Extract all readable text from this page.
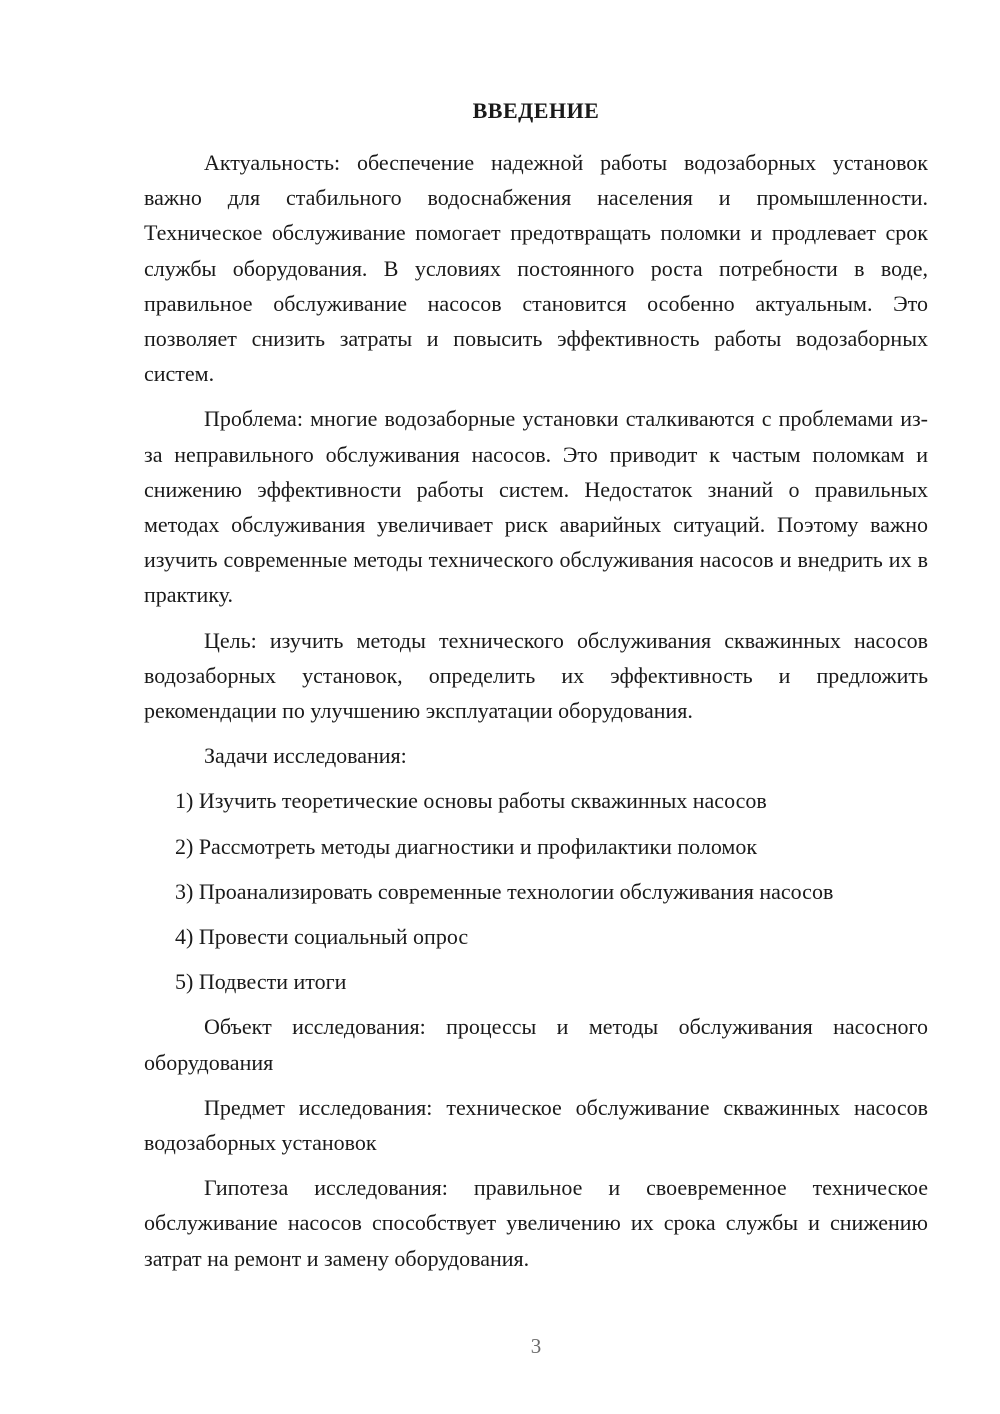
ВВЕДЕНИЕ

Актуальность: обеспечение надежной работы водозаборных установок важно для стабильного водоснабжения населения и промышленности. Техническое обслуживание помогает предотвращать поломки и продлевает срок службы оборудования. В условиях постоянного роста потребности в воде, правильное обслуживание насосов становится особенно актуальным. Это позволяет снизить затраты и повысить эффективность работы водозаборных систем.

Проблема: многие водозаборные установки сталкиваются с проблемами из-за неправильного обслуживания насосов. Это приводит к частым поломкам и снижению эффективности работы систем. Недостаток знаний о правильных методах обслуживания увеличивает риск аварийных ситуаций. Поэтому важно изучить современные методы технического обслуживания насосов и внедрить их в практику.

Цель: изучить методы технического обслуживания скважинных насосов водозаборных установок, определить их эффективность и предложить рекомендации по улучшению эксплуатации оборудования.

Задачи исследования:

1) Изучить теоретические основы работы скважинных насосов
2) Рассмотреть методы диагностики и профилактики поломок
3) Проанализировать современные технологии обслуживания насосов
4) Провести социальный опрос
5) Подвести итоги

Объект исследования: процессы и методы обслуживания насосного оборудования

Предмет исследования: техническое обслуживание скважинных насосов водозаборных установок

Гипотеза исследования: правильное и своевременное техническое обслуживание насосов способствует увеличению их срока службы и снижению затрат на ремонт и замену оборудования.

3
